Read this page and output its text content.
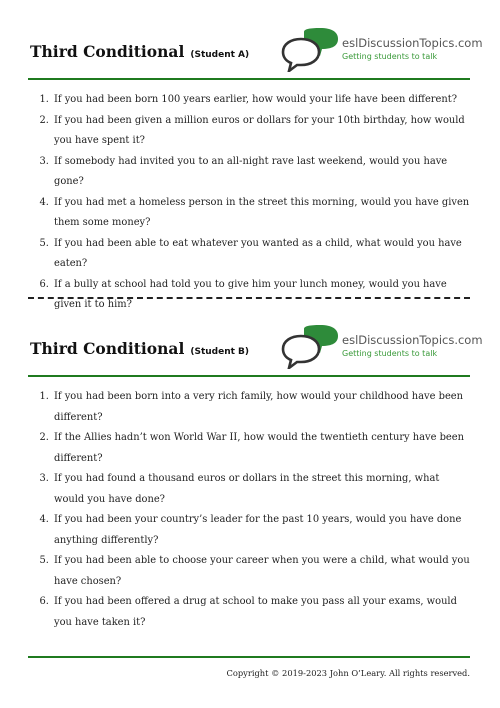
Third Conditional (Student A)
eslDiscussionTopics.com
Getting students to talk
1. If you had been born 100 years earlier, how would your life have been different?
2. If you had been given a million euros or dollars for your 10th birthday, how would you have spent it?
3. If somebody had invited you to an all-night rave last weekend, would you have gone?
4. If you had met a homeless person in the street this morning, would you have given them some money?
5. If you had been able to eat whatever you wanted as a child, what would you have eaten?
6. If a bully at school had told you to give him your lunch money, would you have given it to him?
Third Conditional (Student B)
eslDiscussionTopics.com
Getting students to talk
1. If you had been born into a very rich family, how would your childhood have been different?
2. If the Allies hadn’t won World War II, how would the twentieth century have been different?
3. If you had found a thousand euros or dollars in the street this morning, what would you have done?
4. If you had been your country’s leader for the past 10 years, would you have done anything differently?
5. If you had been able to choose your career when you were a child, what would you have chosen?
6. If you had been offered a drug at school to make you pass all your exams, would you have taken it?
Copyright © 2019-2023 John O’Leary. All rights reserved.
